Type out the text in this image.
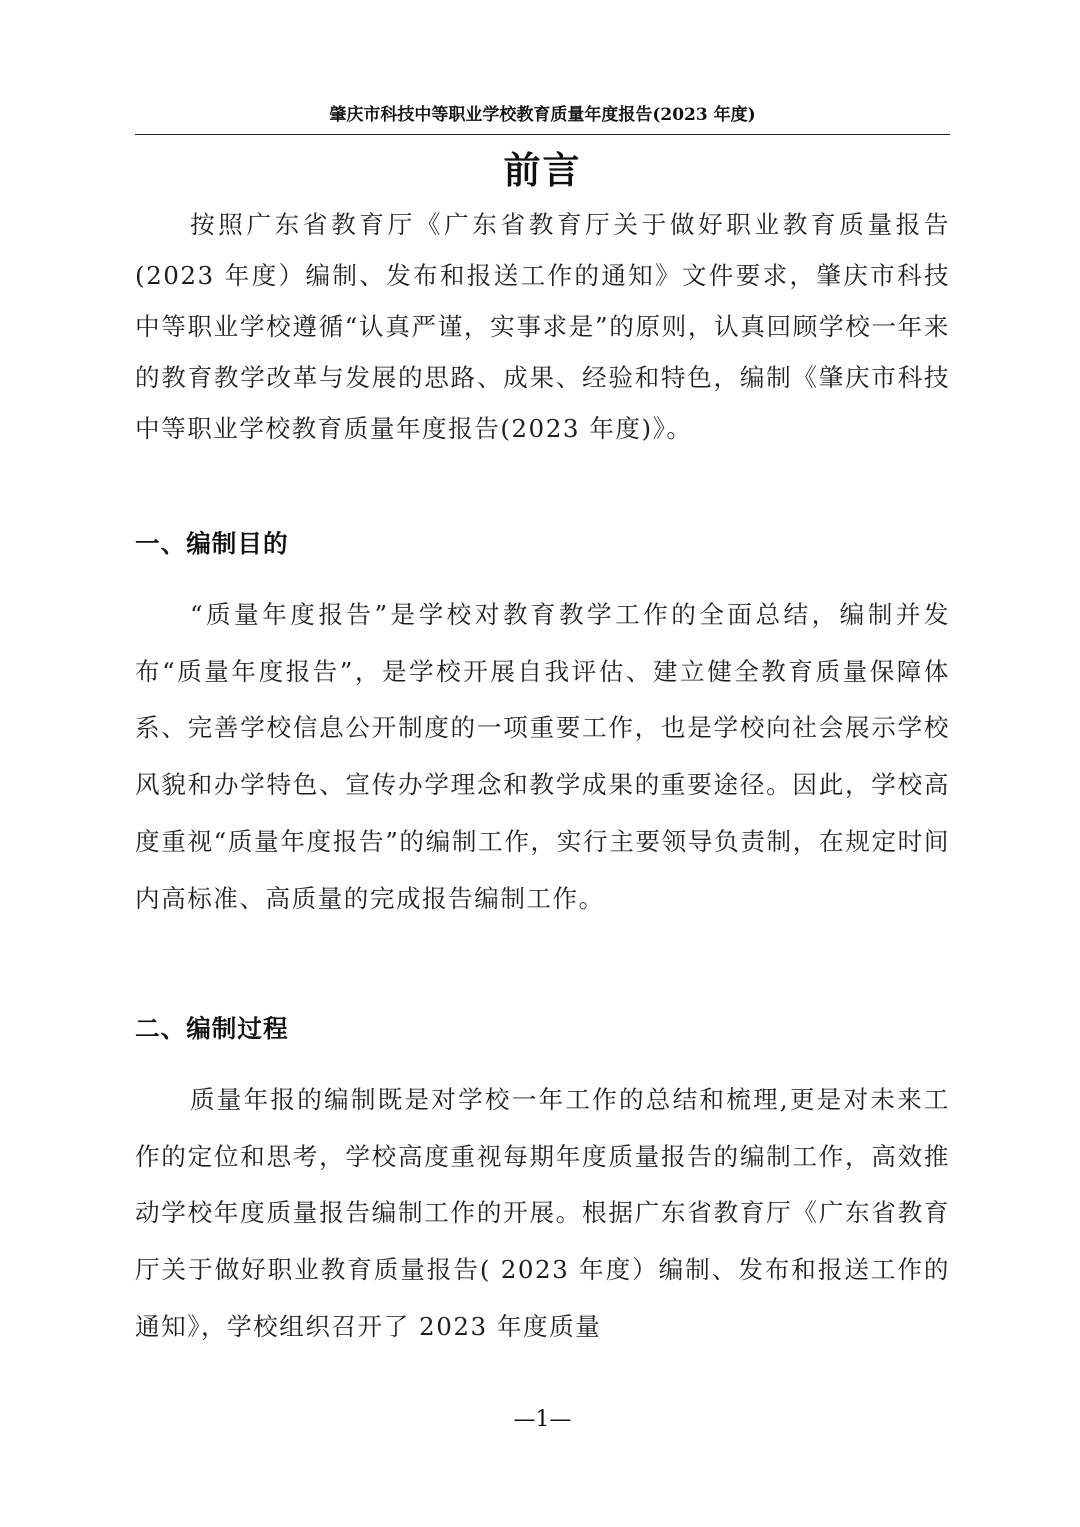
肇庆市科技中等职业学校教育质量年度报告(2023 年度)
前言

按照广东省教育厅《广东省教育厅关于做好职业教育质量报告(2023 年度）编制、发布和报送工作的通知》文件要求，肇庆市科技中等职业学校遵循“认真严谨，实事求是”的原则，认真回顾学校一年来的教育教学改革与发展的思路、成果、经验和特色，编制《肇庆市科技中等职业学校教育质量年度报告(2023 年度)》。

一、编制目的

“质量年度报告”是学校对教育教学工作的全面总结，编制并发布“质量年度报告”，是学校开展自我评估、建立健全教育质量保障体系、完善学校信息公开制度的一项重要工作，也是学校向社会展示学校风貌和办学特色、宣传办学理念和教学成果的重要途径。因此，学校高度重视“质量年度报告”的编制工作，实行主要领导负责制，在规定时间内高标准、高质量的完成报告编制工作。

二、编制过程

质量年报的编制既是对学校一年工作的总结和梳理,更是对未来工作的定位和思考，学校高度重视每期年度质量报告的编制工作，高效推动学校年度质量报告编制工作的开展。根据广东省教育厅《广东省教育厅关于做好职业教育质量报告( 2023 年度）编制、发布和报送工作的通知》，学校组织召开了 2023 年度质量

—1—
